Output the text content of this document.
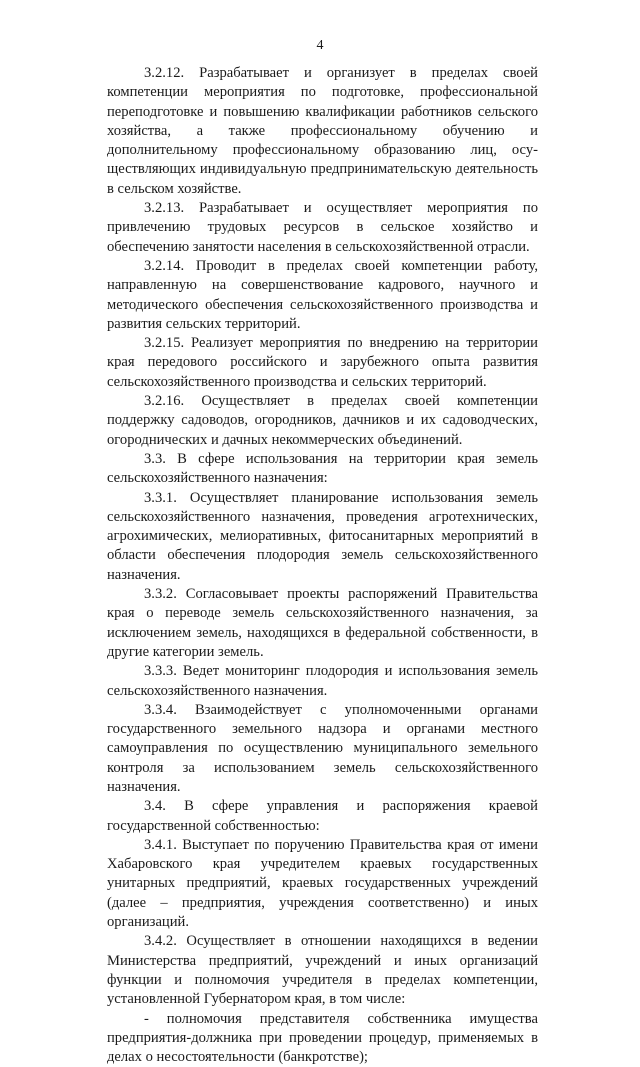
4

3.2.12. Разрабатывает и организует в пределах своей компетенции мероприятия по подготовке, профессиональной переподготовке и повышению квалификации работников сельского хозяйства, а также профессиональному обучению и дополнительному профессиональному образованию лиц, осуществляющих индивидуальную предпринимательскую деятельность в сельском хозяйстве.

3.2.13. Разрабатывает и осуществляет мероприятия по привлечению трудовых ресурсов в сельское хозяйство и обеспечению занятости населения в сельскохозяйственной отрасли.

3.2.14. Проводит в пределах своей компетенции работу, направленную на совершенствование кадрового, научного и методического обеспечения сельскохозяйственного производства и развития сельских территорий.

3.2.15. Реализует мероприятия по внедрению на территории края передового российского и зарубежного опыта развития сельскохозяйственного производства и сельских территорий.

3.2.16. Осуществляет в пределах своей компетенции поддержку садоводов, огородников, дачников и их садоводческих, огороднических и дачных некоммерческих объединений.

3.3. В сфере использования на территории края земель сельскохозяйственного назначения:

3.3.1. Осуществляет планирование использования земель сельскохозяйственного назначения, проведения агротехнических, агрохимических, мелиоративных, фитосанитарных мероприятий в области обеспечения плодородия земель сельскохозяйственного назначения.

3.3.2. Согласовывает проекты распоряжений Правительства края о переводе земель сельскохозяйственного назначения, за исключением земель, находящихся в федеральной собственности, в другие категории земель.

3.3.3. Ведет мониторинг плодородия и использования земель сельскохозяйственного назначения.

3.3.4. Взаимодействует с уполномоченными органами государственного земельного надзора и органами местного самоуправления по осуществлению муниципального земельного контроля за использованием земель сельскохозяйственного назначения.

3.4. В сфере управления и распоряжения краевой государственной собственностью:

3.4.1. Выступает по поручению Правительства края от имени Хабаровского края учредителем краевых государственных унитарных предприятий, краевых государственных учреждений (далее – предприятия, учреждения соответственно) и иных организаций.

3.4.2. Осуществляет в отношении находящихся в ведении Министерства предприятий, учреждений и иных организаций функции и полномочия учредителя в пределах компетенции, установленной Губернатором края, в том числе:

- полномочия представителя собственника имущества предприятия-должника при проведении процедур, применяемых в делах о несостоятельности (банкротстве);
